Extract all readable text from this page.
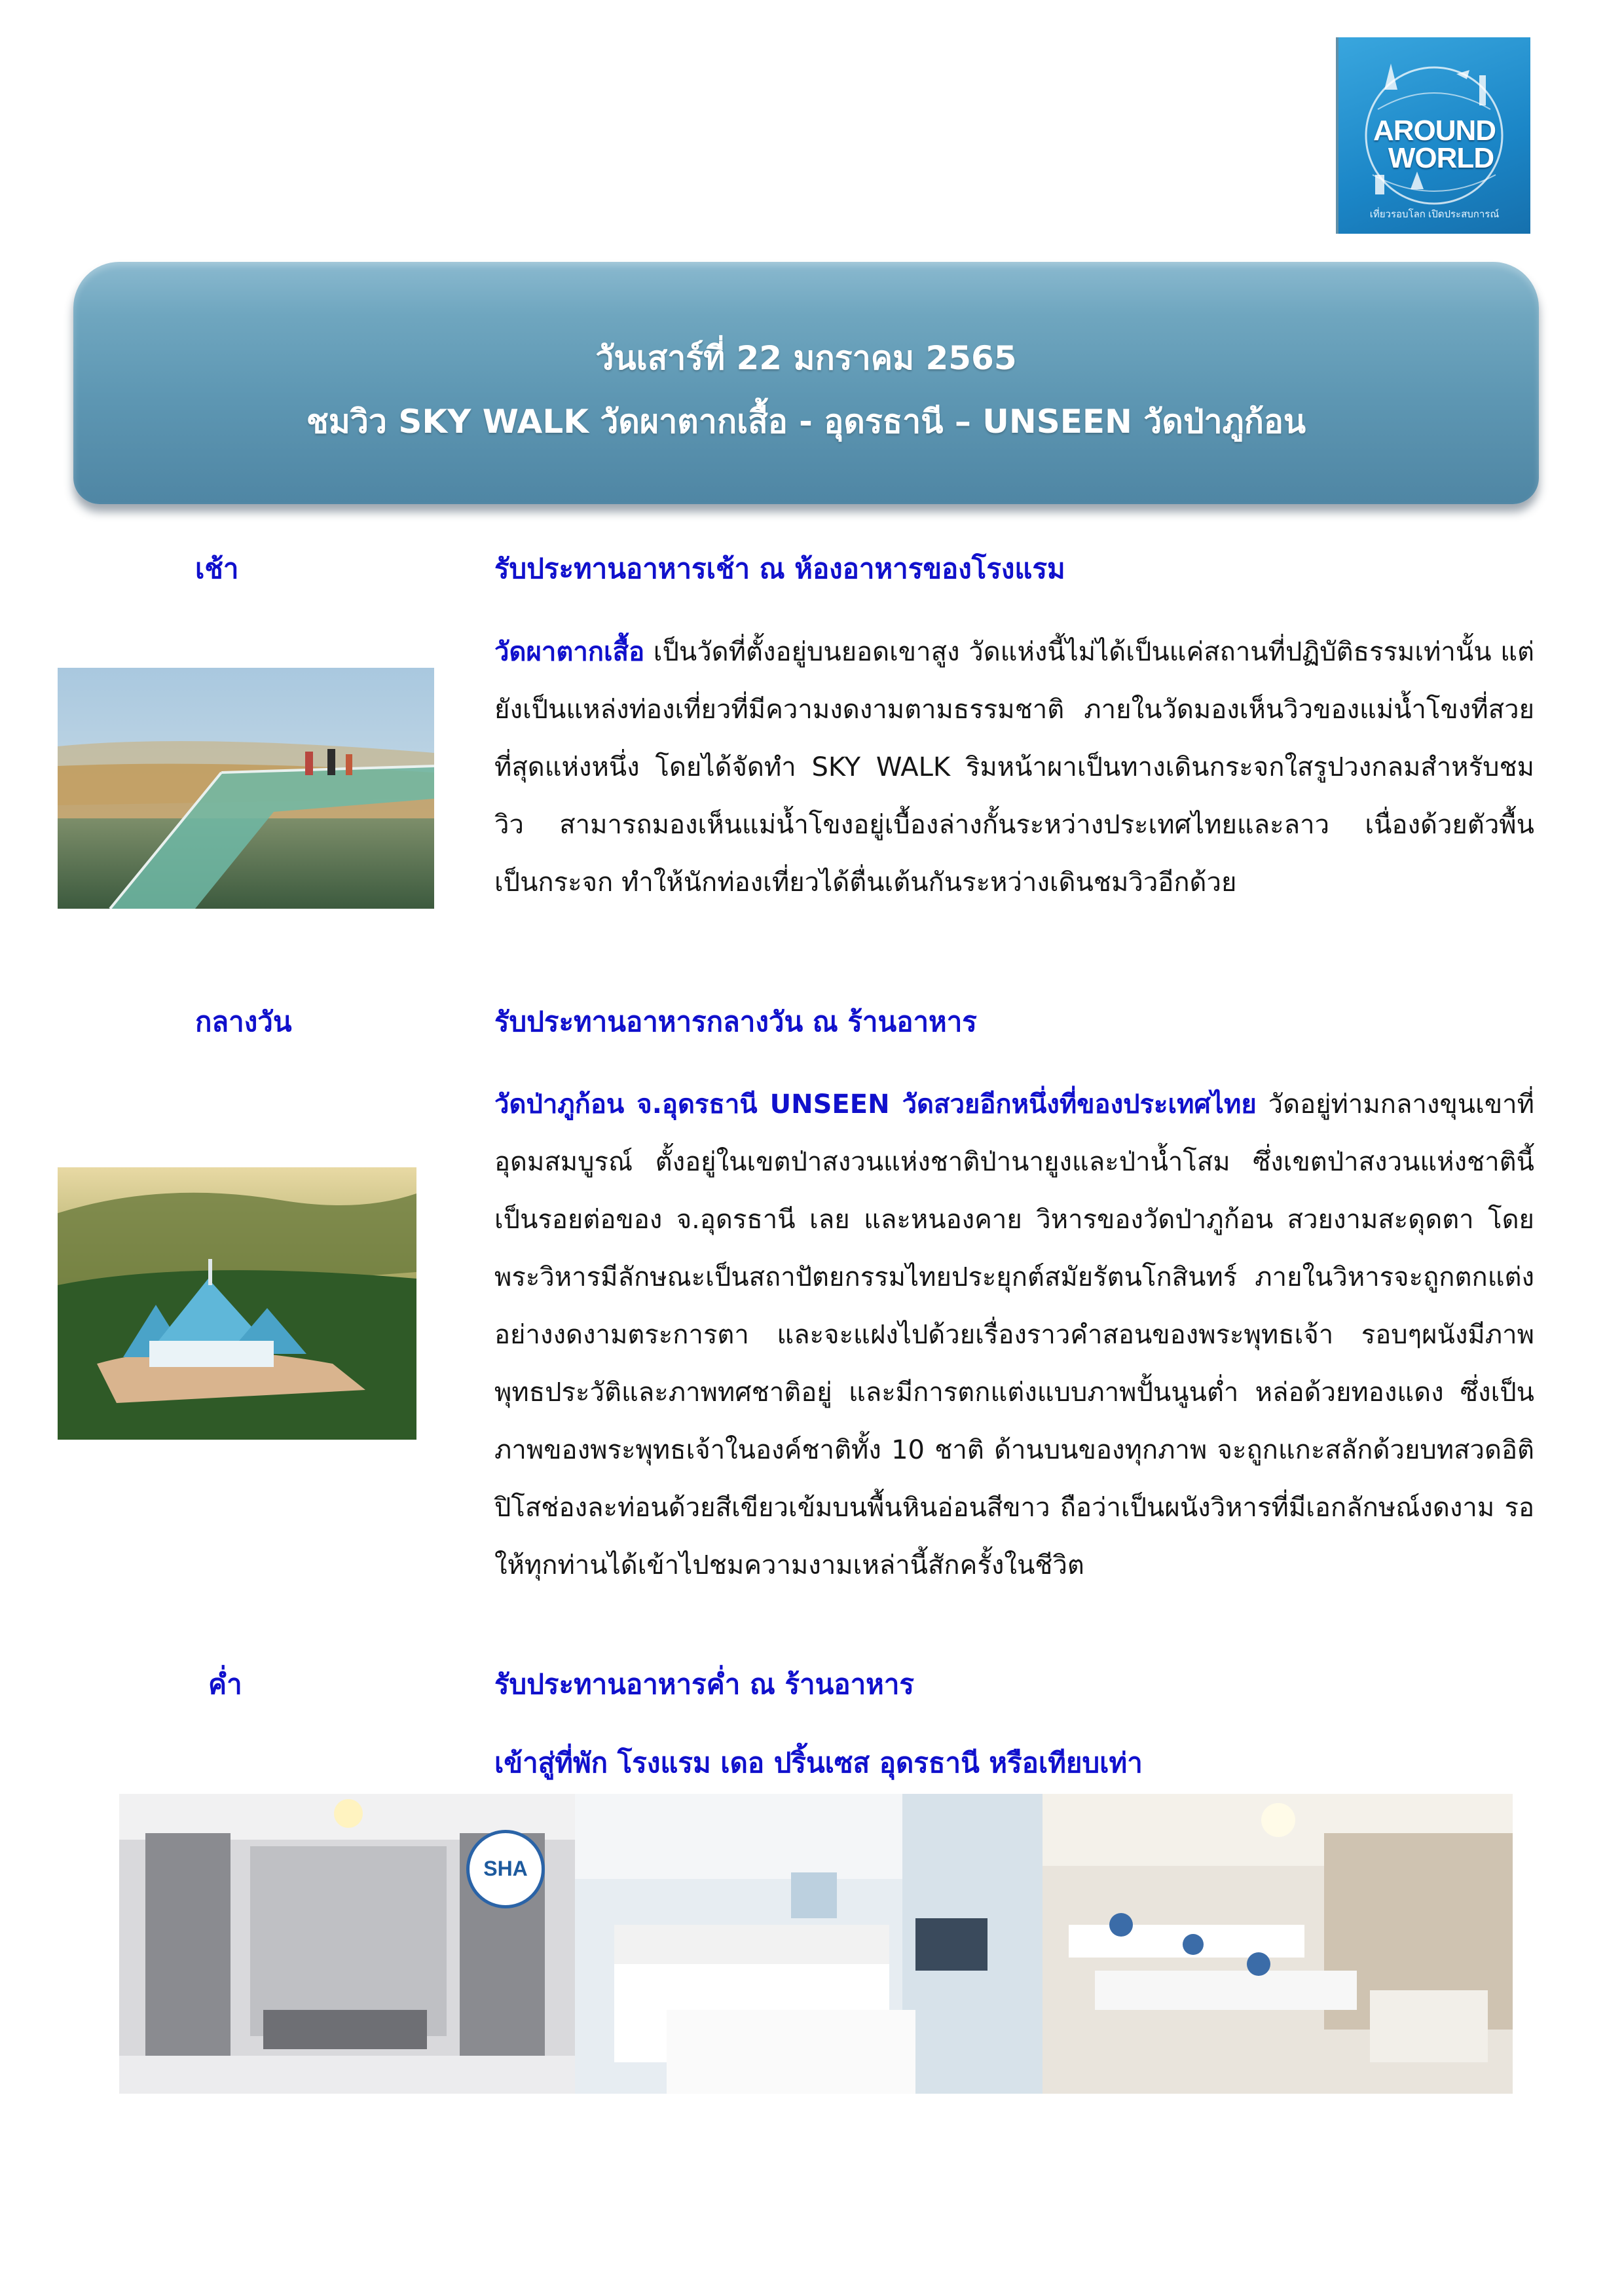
AROUND
WORLD
เที่ยวรอบโลก เปิดประสบการณ์
วันเสาร์ที่ 22 มกราคม 2565
ชมวิว SKY WALK วัดผาตากเสื้อ - อุดรธานี – UNSEEN วัดป่าภูก้อน
เช้า	รับประทานอาหารเช้า ณ ห้องอาหารของโรงแรม
วัดผาตากเสื้อ เป็นวัดที่ตั้งอยู่บนยอดเขาสูง วัดแห่งนี้ไม่ได้เป็นแค่สถานที่ปฏิบัติธรรมเท่านั้น แต่ยังเป็นแหล่งท่องเที่ยวที่มีความงดงามตามธรรมชาติ ภายในวัดมองเห็นวิวของแม่น้ำโขงที่สวยที่สุดแห่งหนึ่ง โดยได้จัดทำ SKY WALK ริมหน้าผาเป็นทางเดินกระจกใสรูปวงกลมสำหรับชมวิว สามารถมองเห็นแม่น้ำโขงอยู่เบื้องล่างกั้นระหว่างประเทศไทยและลาว เนื่องด้วยตัวพื้นเป็นกระจก ทำให้นักท่องเที่ยวได้ตื่นเต้นกันระหว่างเดินชมวิวอีกด้วย
กลางวัน	รับประทานอาหารกลางวัน ณ ร้านอาหาร
วัดป่าภูก้อน จ.อุดรธานี UNSEEN วัดสวยอีกหนึ่งที่ของประเทศไทย วัดอยู่ท่ามกลางขุนเขาที่อุดมสมบูรณ์ ตั้งอยู่ในเขตป่าสงวนแห่งชาติป่านายูงและป่าน้ำโสม ซึ่งเขตป่าสงวนแห่งชาตินี้เป็นรอยต่อของ จ.อุดรธานี เลย และหนองคาย วิหารของวัดป่าภูก้อน สวยงามสะดุดตา โดยพระวิหารมีลักษณะเป็นสถาปัตยกรรมไทยประยุกต์สมัยรัตนโกสินทร์ ภายในวิหารจะถูกตกแต่งอย่างงดงามตระการตา และจะแฝงไปด้วยเรื่องราวคำสอนของพระพุทธเจ้า รอบๆผนังมีภาพพุทธประวัติและภาพทศชาติอยู่ และมีการตกแต่งแบบภาพปั้นนูนต่ำ หล่อด้วยทองแดง ซึ่งเป็นภาพของพระพุทธเจ้าในองค์ชาติทั้ง 10 ชาติ ด้านบนของทุกภาพ จะถูกแกะสลักด้วยบทสวดอิติปิโสช่องละท่อนด้วยสีเขียวเข้มบนพื้นหินอ่อนสีขาว ถือว่าเป็นผนังวิหารที่มีเอกลักษณ์งดงาม รอให้ทุกท่านได้เข้าไปชมความงามเหล่านี้สักครั้งในชีวิต
ค่ำ	รับประทานอาหารค่ำ ณ ร้านอาหาร
เข้าสู่ที่พัก โรงแรม เดอ ปริ้นเซส อุดรธานี หรือเทียบเท่า
SHA
